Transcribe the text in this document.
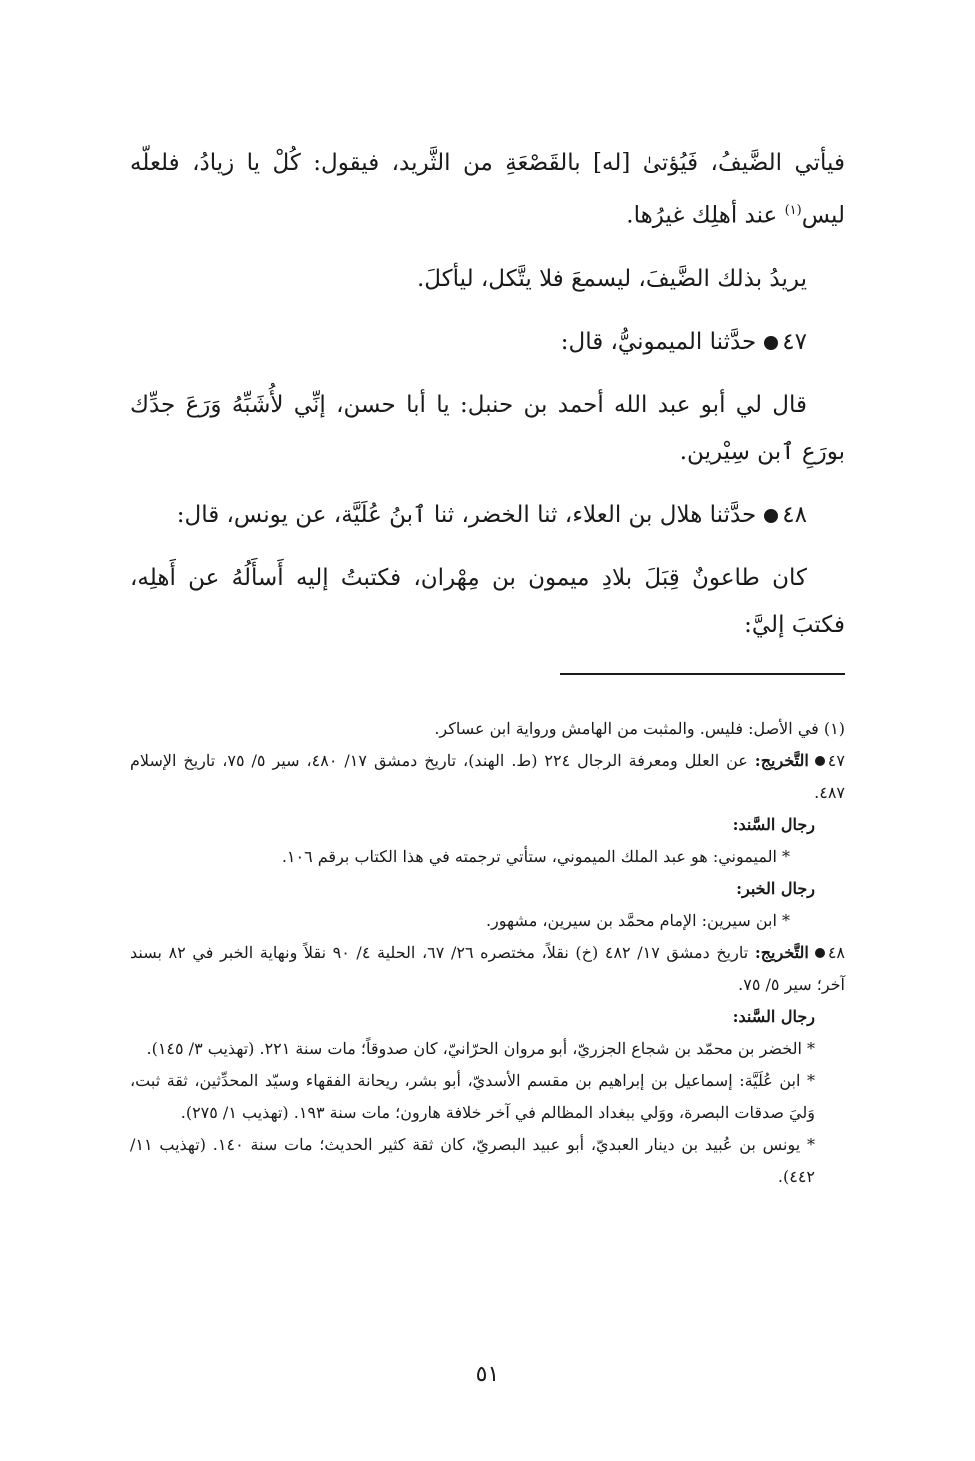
فيأتي الضَّيفُ، فَيُؤتىٰ [له] بالقَصْعَةِ من الثَّريد، فيقول: كُلْ يا زيادُ، فلعلّه ليس$^{(١)}$ عند أهلِك غيرُها.

يريدُ بذلك الضَّيفَ، ليسمعَ فلا يتَّكل، ليأكلَ.

٤٧حدَّثنا الميمونيُّ، قال:

قال لي أبو عبد الله أحمد بن حنبل: يا أبا حسن، إنِّي لأُشَبِّهُ وَرَعَ جدِّك بورَعِ ٱبن سِيْرين.

٤٨حدَّثنا هلال بن العلاء، ثنا الخضر، ثنا ٱبنُ عُلَيَّة، عن يونس، قال:

كان طاعونٌ قِبَلَ بلادِ ميمون بن مِهْران، فكتبتُ إليه أَسأَلُهُ عن أَهلِه، فكتبَ إليَّ:

(١) في الأصل: فليس. والمثبت من الهامش ورواية ابن عساكر.

٤٧التَّخريج: عن العلل ومعرفة الرجال ٢٢٤ (ط. الهند)، تاريخ دمشق ١٧/ ٤٨٠، سير ٥/ ٧٥، تاريخ الإسلام ٤٨٧.

رجال السَّند:

* الميموني: هو عبد الملك الميموني، ستأتي ترجمته في هذا الكتاب برقم ١٠٦.

رجال الخبر:

* ابن سيرين: الإمام محمَّد بن سيرين، مشهور.

٤٨التَّخريج: تاريخ دمشق ١٧/ ٤٨٢ (خ) نقلاً، مختصره ٢٦/ ٦٧، الحلية ٤/ ٩٠ نقلاً ونهاية الخبر في ٨٢ بسند آخر؛ سير ٥/ ٧٥.

رجال السَّند:

* الخضر بن محمّد بن شجاع الجزريّ، أبو مروان الحرّانيّ، كان صدوقاً؛ مات سنة ٢٢١. (تهذيب ٣/ ١٤٥).

* ابن عُلَيَّة: إسماعيل بن إبراهيم بن مقسم الأسديّ، أبو بشر، ريحانة الفقهاء وسيّد المحدِّثين، ثقة ثبت، وَليَ صدقات البصرة، ووَلي ببغداد المظالم في آخر خلافة هارون؛ مات سنة ١٩٣. (تهذيب ١/ ٢٧٥).

* يونس بن عُبيد بن دينار العبديّ، أبو عبيد البصريّ، كان ثقة كثير الحديث؛ مات سنة ١٤٠. (تهذيب ١١/ ٤٤٢).

٥١
